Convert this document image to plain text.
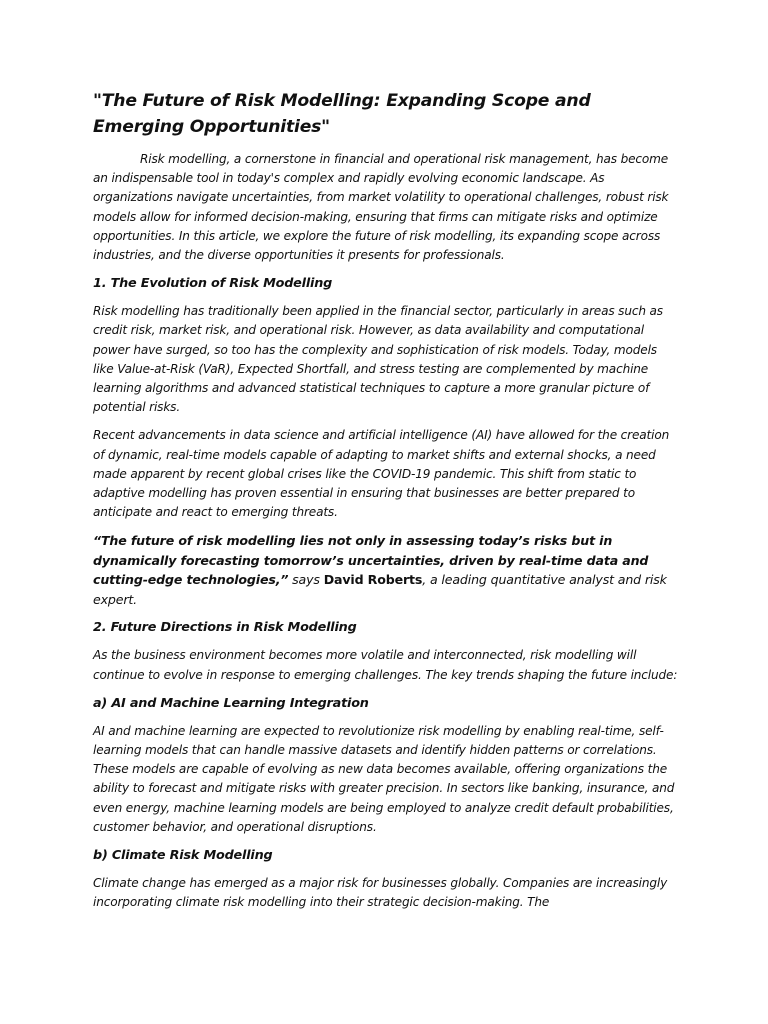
"The Future of Risk Modelling: Expanding Scope and Emerging Opportunities"

Risk modelling, a cornerstone in financial and operational risk management, has become an indispensable tool in today's complex and rapidly evolving economic landscape. As organizations navigate uncertainties, from market volatility to operational challenges, robust risk models allow for informed decision-making, ensuring that firms can mitigate risks and optimize opportunities. In this article, we explore the future of risk modelling, its expanding scope across industries, and the diverse opportunities it presents for professionals.

1. The Evolution of Risk Modelling

Risk modelling has traditionally been applied in the financial sector, particularly in areas such as credit risk, market risk, and operational risk. However, as data availability and computational power have surged, so too has the complexity and sophistication of risk models. Today, models like Value-at-Risk (VaR), Expected Shortfall, and stress testing are complemented by machine learning algorithms and advanced statistical techniques to capture a more granular picture of potential risks.

Recent advancements in data science and artificial intelligence (AI) have allowed for the creation of dynamic, real-time models capable of adapting to market shifts and external shocks, a need made apparent by recent global crises like the COVID-19 pandemic. This shift from static to adaptive modelling has proven essential in ensuring that businesses are better prepared to anticipate and react to emerging threats.

“The future of risk modelling lies not only in assessing today’s risks but in dynamically forecasting tomorrow’s uncertainties, driven by real-time data and cutting-edge technologies,” says David Roberts, a leading quantitative analyst and risk expert.

2. Future Directions in Risk Modelling

As the business environment becomes more volatile and interconnected, risk modelling will continue to evolve in response to emerging challenges. The key trends shaping the future include:

a) AI and Machine Learning Integration

AI and machine learning are expected to revolutionize risk modelling by enabling real-time, self-learning models that can handle massive datasets and identify hidden patterns or correlations. These models are capable of evolving as new data becomes available, offering organizations the ability to forecast and mitigate risks with greater precision. In sectors like banking, insurance, and even energy, machine learning models are being employed to analyze credit default probabilities, customer behavior, and operational disruptions.

b) Climate Risk Modelling

Climate change has emerged as a major risk for businesses globally. Companies are increasingly incorporating climate risk modelling into their strategic decision-making. The
